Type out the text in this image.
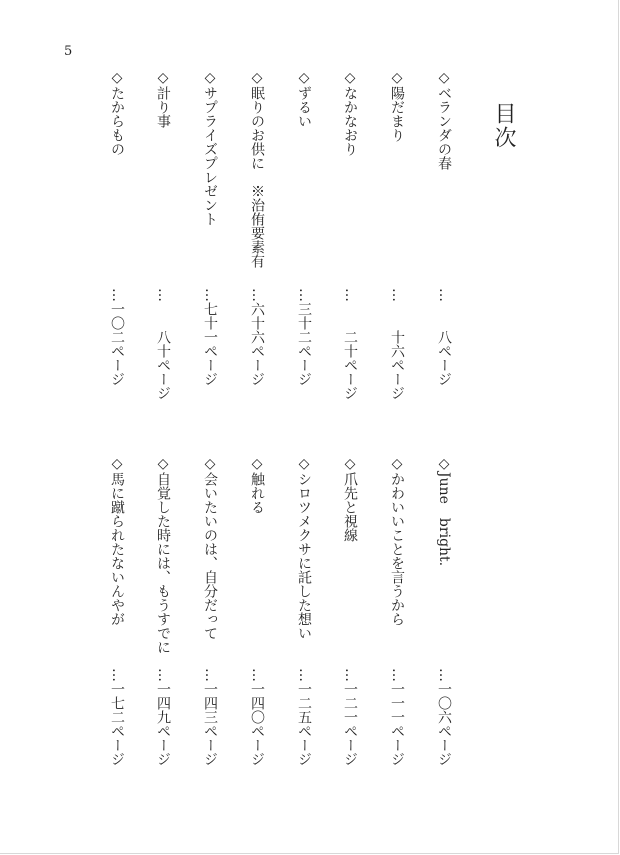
5
目次
◇ベランダの春
◇陽だまり
◇なかなおり
◇ずるい
◇眠りのお供に　※治侑要素有
◇サプライズプレゼント
◇計り事
◇たからもの
…　　八ページ
…　　十六ページ
…　　二十ページ
…三十二ページ
…六十六ページ
…七十一ページ
…　　八十ページ
…一〇二ページ
◇June　bright.
◇かわいいことを言うから
◇爪先と視線
◇シロツメクサに託した想い
◇触れる
◇会いたいのは、自分だって
◇自覚した時には、もうすでに
◇馬に蹴られたないんやが
…一〇六ページ
…一一一ページ
…一二一ページ
…一二五ページ
…一四〇ページ
…一四三ページ
…一四九ページ
…一七二ページ
